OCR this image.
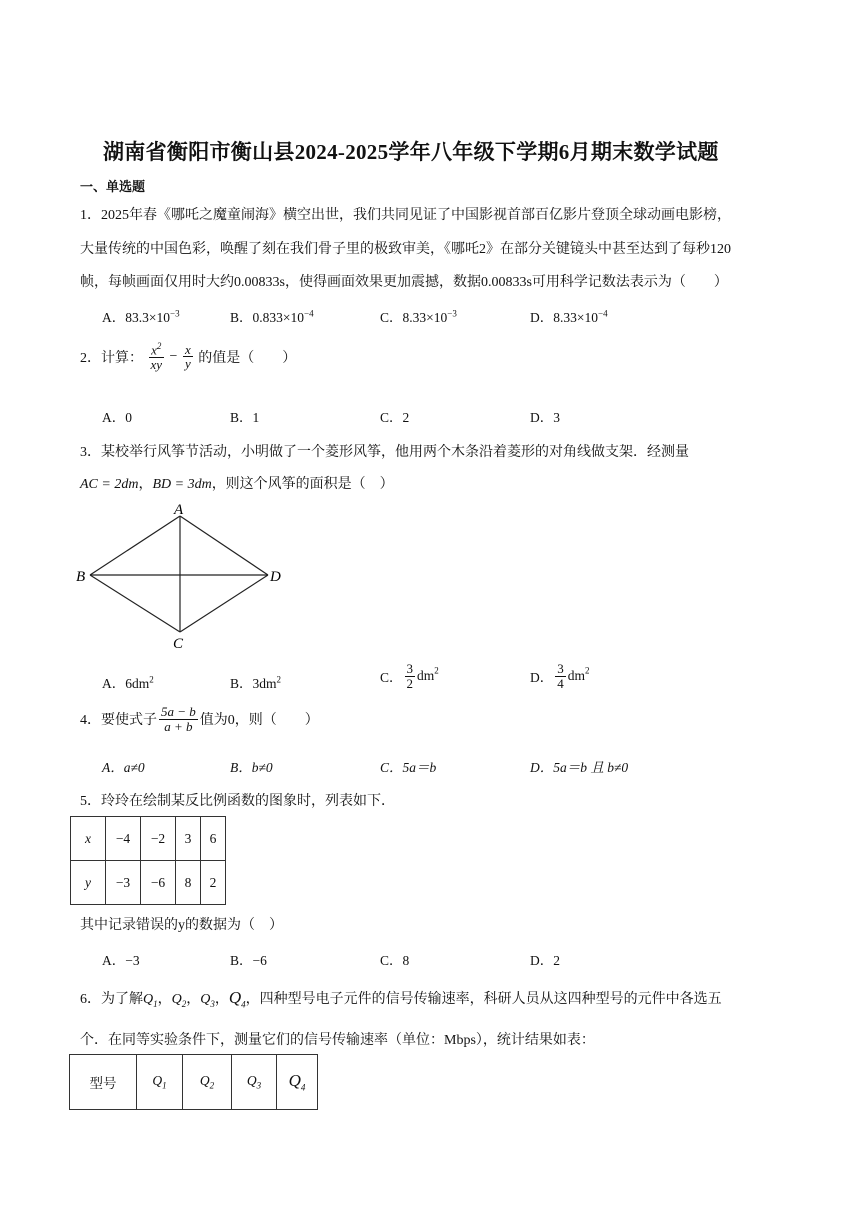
湖南省衡阳市衡山县2024-2025学年八年级下学期6月期末数学试题
一、单选题
1．2025年春《哪吒之魔童闹海》横空出世，我们共同见证了中国影视首部百亿影片登顶全球动画电影榜，
大量传统的中国色彩，唤醒了刻在我们骨子里的极致审美，《哪吒2》在部分关键镜头中甚至达到了每秒120
帧，每帧画面仅用时大约0.00833s，使得画面效果更加震撼，数据0.00833s可用科学记数法表示为（　　）
A．$83.3\times 10^{-3}$	B．$0.833\times 10^{-4}$	C．$8.33\times 10^{-3}$	D．$8.33\times 10^{-4}$
2．计算： $\frac{x^2}{xy} - \frac{x}{y}$ 的值是（　　）
A．0	B．1	C．2	D．3
3．某校举行风筝节活动，小明做了一个菱形风筝，他用两个木条沿着菱形的对角线做支架．经测量
AC = 2dm，BD = 3dm，则这个风筝的面积是（　）
A
B
C
D
A．$6dm^2$	B．$3dm^2$	C． $\frac{3}{2} dm^2$	D． $\frac{3}{4} dm^2$
4．要使式子 $\frac{5a - b}{a + b}$ 值为0，则（　　）
A．a≠0	B．b≠0	C．5a＝b	D．5a＝b 且 b≠0
5．玲玲在绘制某反比例函数的图象时，列表如下．
x	−4	−2	3	6
y	−3	−6	8	2
其中记录错误的y的数据为（　）
A．−3	B．−6	C．8	D．2
6．为了解$Q_1$，$Q_2$，$Q_3$，$Q_4$，四种型号电子元件的信号传输速率，科研人员从这四种型号的元件中各选五
个．在同等实验条件下，测量它们的信号传输速率（单位：Mbps），统计结果如表：
型号	$Q_1$	$Q_2$	$Q_3$	$Q_4$
